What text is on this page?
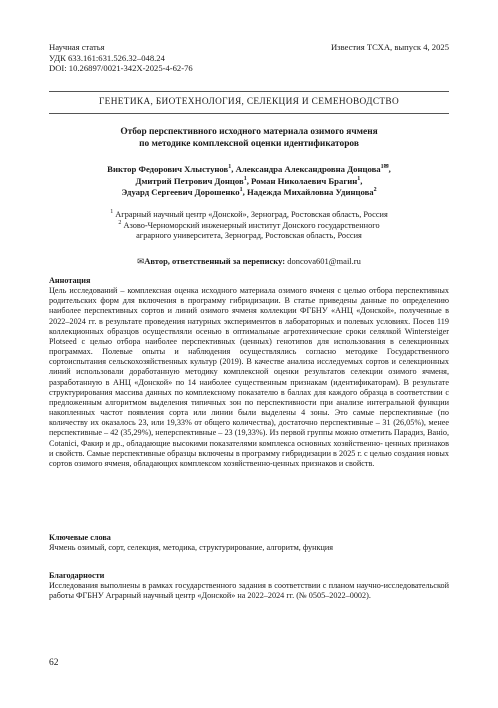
Научная статья
УДК 633.161:631.526.32–048.24
DOI: 10.26897/0021-342X-2025-4-62-76
Известия ТСХА, выпуск 4, 2025
ГЕНЕТИКА, БИОТЕХНОЛОГИЯ, СЕЛЕКЦИЯ И СЕМЕНОВОДСТВО
Отбор перспективного исходного материала озимого ячменя
по методике комплексной оценки идентификаторов
Виктор Федорович Хлыстунов$^1$, Александра Александровна Донцова$^{1✉}$,
Дмитрий Петрович Донцов$^1$, Роман Николаевич Брагин$^1$,
Эдуард Сергеевич Дорошенко$^1$, Надежда Михайловна Удинцова$^2$
$^1$ Аграрный научный центр «Донской», Зерноград, Ростовская область, Россия
$^2$ Азово-Черноморский инженерный институт Донского государственного
аграрного университета, Зерноград, Ростовская область, Россия
✉Автор, ответственный за переписку: doncova601@mail.ru
Аннотация
Цель исследований – комплексная оценка исходного материала озимого ячменя с целью отбора перспективных родительских форм для включения в программу гибридизации. В статье приведены данные по определению наиболее перспективных сортов и линий озимого ячменя коллекции ФГБНУ «АНЦ «Донской», полученные в 2022–2024 гг. в результате проведения натурных экспериментов в лабораторных и полевых условиях. Посев 119 коллекционных образцов осуществляли осенью в оптимальные агротехнические сроки селялкой Wintersteiger Plotseed с целью отбора наиболее перспективных (ценных) генотипов для использования в селекционных программах. Полевые опыты и наблюдения осуществлялись согласно методике Государственного сортоиспытания сельскохозяйственных культур (2019). В качестве анализа исследуемых сортов и селекционных линий использовали доработанную методику комплексной оценки результатов селекции озимого ячменя, разработанную в АНЦ «Донской» по 14 наиболее существенным признакам (идентификаторам). В результате структурирования массива данных по комплексному показателю в баллах для каждого образца в соответствии с предложенным алгоритмом выделения типичных зон по перспективности при анализе интегральной функции накопленных частот появления сорта или линии были выделены 4 зоны. Это самые перспективные (по количеству их оказалось 23, или 19,33% от общего количества), достаточно перспективные – 31 (26,05%), менее перспективные – 42 (35,29%), неперспективные – 23 (19,33%). Из первой группы можно отметить Парадиз, Ванiо, Cotanici, Факир и др., обладающие высокими показателями комплекса основных хозяйственно- ценных признаков и свойств. Самые перспективные образцы включены в программу гибридизации в 2025 г. с целью создания новых сортов озимого ячменя, обладающих комплексом хозяйственно-ценных признаков и свойств.
Ключевые слова
Ячмень озимый, сорт, селекция, методика, структурирование, алгоритм, функция
Благодарности
Исследования выполнены в рамках государственного задания в соответствии с планом научно-исследовательской работы ФГБНУ Аграрный научный центр «Донской» на 2022–2024 гг. (№ 0505–2022–0002).
62
